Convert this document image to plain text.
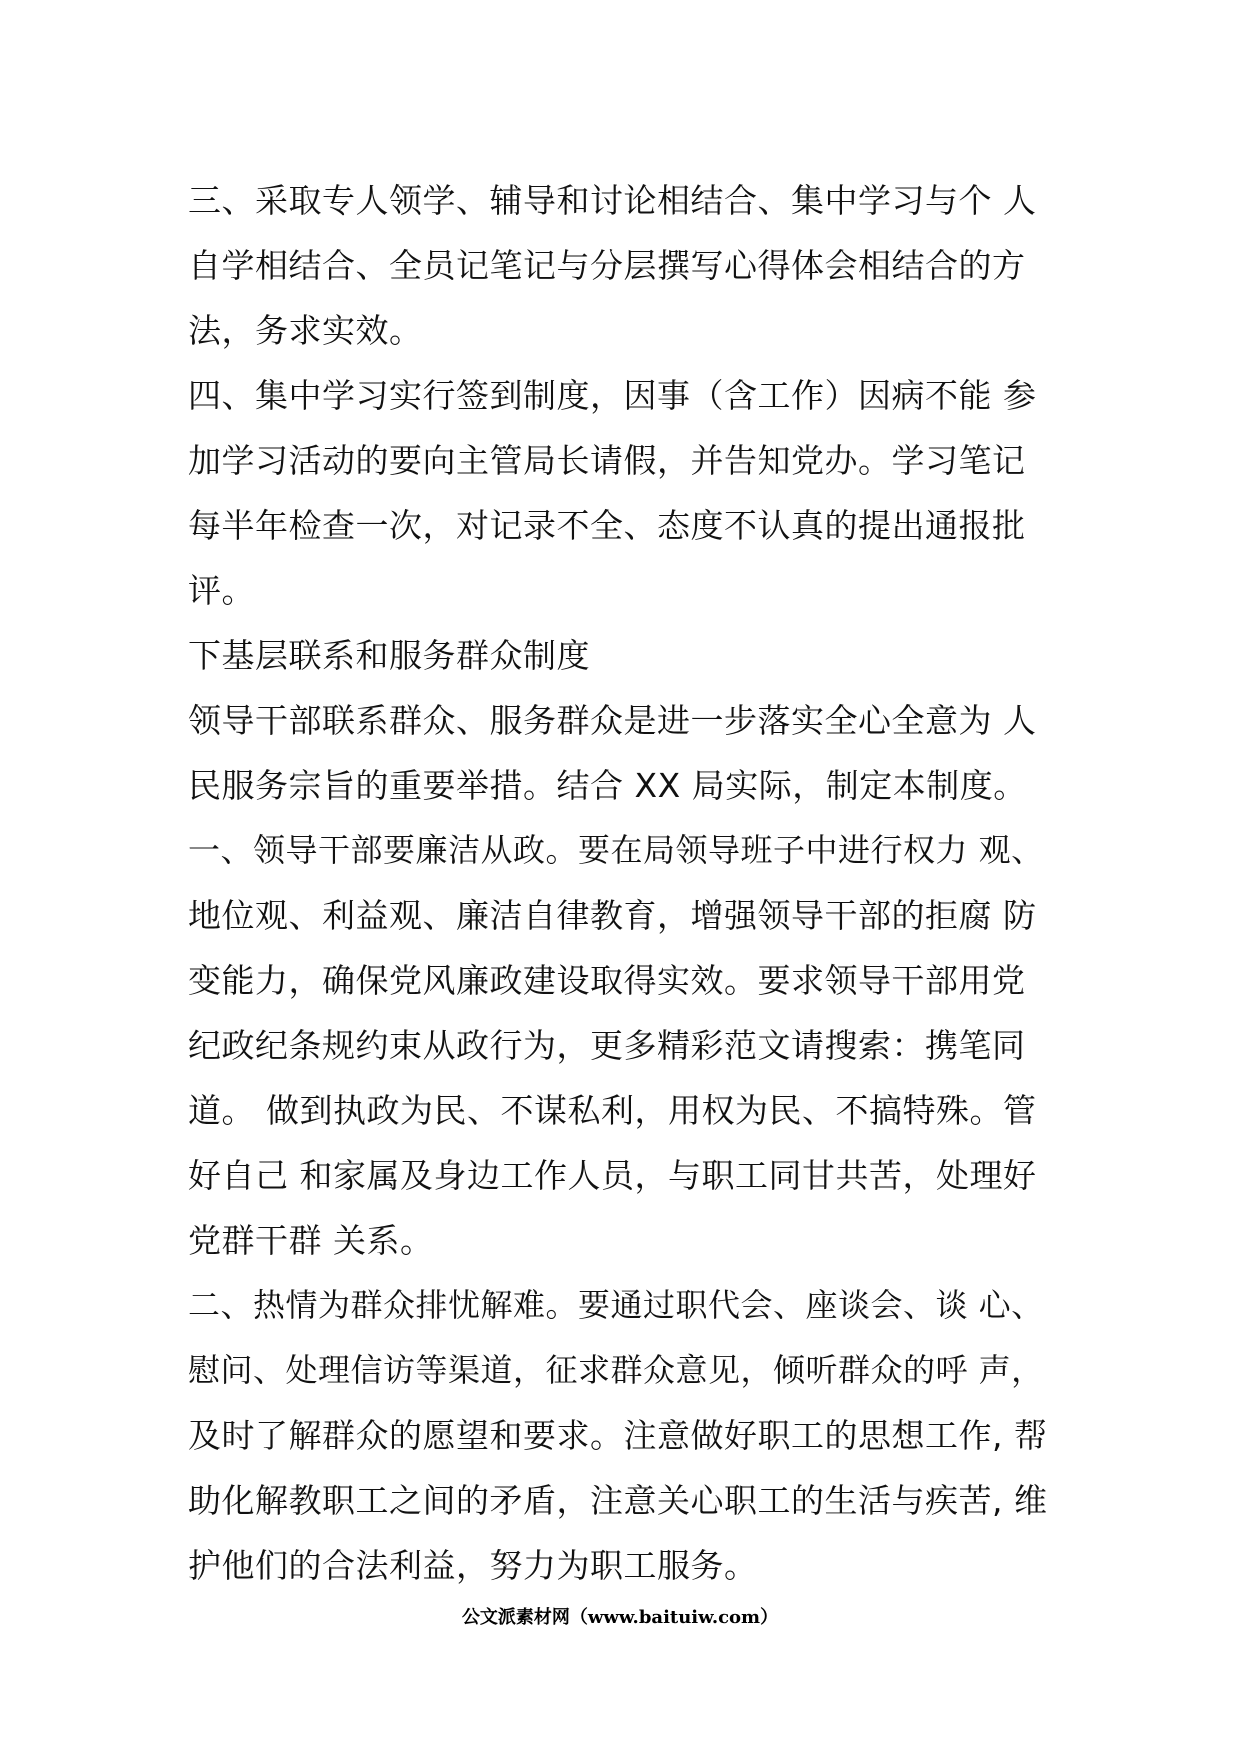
三、采取专人领学、辅导和讨论相结合、集中学习与个 人
自学相结合、全员记笔记与分层撰写心得体会相结合的方
法，务求实效。
四、集中学习实行签到制度，因事（含工作）因病不能 参
加学习活动的要向主管局长请假，并告知党办。学习笔记
每半年检查一次，对记录不全、态度不认真的提出通报批
评。
下基层联系和服务群众制度
领导干部联系群众、服务群众是进一步落实全心全意为 人
民服务宗旨的重要举措。结合 XX 局实际，制定本制度。
一、领导干部要廉洁从政。要在局领导班子中进行权力 观、
地位观、利益观、廉洁自律教育，增强领导干部的拒腐 防
变能力，确保党风廉政建设取得实效。要求领导干部用党
纪政纪条规约束从政行为，更多精彩范文请搜索：携笔同
道。 做到执政为民、不谋私利，用权为民、不搞特殊。管
好自己 和家属及身边工作人员，与职工同甘共苦，处理好
党群干群 关系。
二、热情为群众排忧解难。要通过职代会、座谈会、谈 心、
慰问、处理信访等渠道，征求群众意见，倾听群众的呼 声，
及时了解群众的愿望和要求。注意做好职工的思想工作, 帮
助化解教职工之间的矛盾，注意关心职工的生活与疾苦, 维
护他们的合法利益，努力为职工服务。
公文派素材网（www.baituiw.com）
